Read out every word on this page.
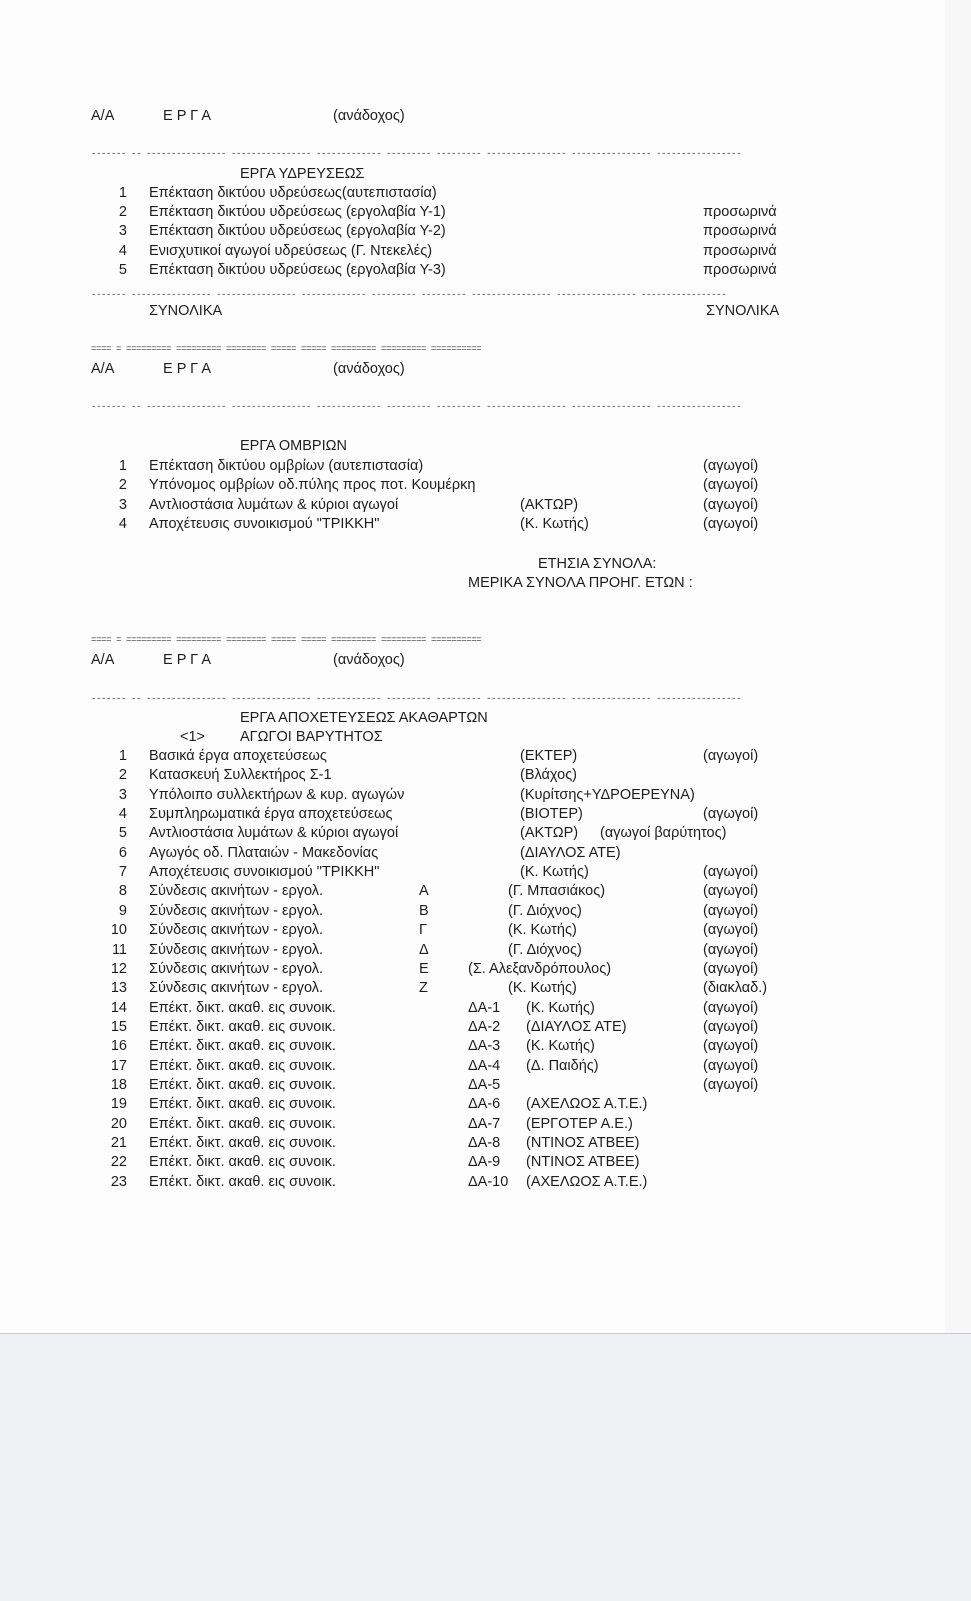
Α/Α	Ε Ρ Γ Α	(ανάδοχος)
------- -- ---------------- ---------------- ------------- --------- --------- ---------------- ---------------- -----------------
ΕΡΓΑ ΥΔΡΕΥΣΕΩΣ
1 Επέκταση δικτύου υδρεύσεως(αυτεπιστασία)
2 Επέκταση δικτύου υδρεύσεως (εργολαβία Υ-1)	προσωρινά
3 Επέκταση δικτύου υδρεύσεως (εργολαβία Υ-2)	προσωρινά
4 Ενισχυτικοί αγωγοί υδρεύσεως (Γ. Ντεκελές)	προσωρινά
5 Επέκταση δικτύου υδρεύσεως (εργολαβία Υ-3)	προσωρινά
------- ---------------- ---------------- ------------- --------- --------- ---------------- ---------------- -----------------
ΣΥΝΟΛΙΚΑ	ΣΥΝΟΛΙΚΑ
==== = ========= ========= ======== ===== ===== ========= ========= ==========
Α/Α	Ε Ρ Γ Α	(ανάδοχος)
------- -- ---------------- ---------------- ------------- --------- --------- ---------------- ---------------- -----------------
ΕΡΓΑ ΟΜΒΡΙΩΝ
1 Επέκταση δικτύου ομβρίων (αυτεπιστασία)	(αγωγοί)
2 Υπόνομος ομβρίων οδ.πύλης προς ποτ. Κουμέρκη	(αγωγοί)
3 Αντλιοστάσια λυμάτων & κύριοι αγωγοί	(ΑΚΤΩΡ)	(αγωγοί)
4 Αποχέτευσις συνοικισμού "ΤΡΙΚΚΗ"	(Κ. Κωτής)	(αγωγοί)
ΕΤΗΣΙΑ ΣΥΝΟΛΑ:
ΜΕΡΙΚΑ ΣΥΝΟΛΑ ΠΡΟΗΓ. ΕΤΩΝ :
==== = ========= ========= ======== ===== ===== ========= ========= ==========
Α/Α	Ε Ρ Γ Α	(ανάδοχος)
------- -- ---------------- ---------------- ------------- --------- --------- ---------------- ---------------- -----------------
ΕΡΓΑ ΑΠΟΧΕΤΕΥΣΕΩΣ ΑΚΑΘΑΡΤΩΝ
<1> ΑΓΩΓΟΙ ΒΑΡΥΤΗΤΟΣ
1 Βασικά έργα αποχετεύσεως	(ΕΚΤΕΡ)	(αγωγοί)
2 Κατασκευή Συλλεκτήρος Σ-1	(Βλάχος)
3 Υπόλοιπο συλλεκτήρων & κυρ. αγωγών	(Κυρίτσης+ΥΔΡΟΕΡΕΥΝΑ)
4 Συμπληρωματικά έργα αποχετεύσεως	(ΒΙΟΤΕΡ)	(αγωγοί)
5 Αντλιοστάσια λυμάτων & κύριοι αγωγοί	(ΑΚΤΩΡ) (αγωγοί βαρύτητος)
6 Αγωγός οδ. Πλαταιών - Μακεδονίας	(ΔΙΑΥΛΟΣ ΑΤΕ)
7 Αποχέτευσις συνοικισμού "ΤΡΙΚΚΗ"	(Κ. Κωτής)	(αγωγοί)
8 Σύνδεσις ακινήτων - εργολ.	Α	(Γ. Μπασιάκος)	(αγωγοί)
9 Σύνδεσις ακινήτων - εργολ.	Β	(Γ. Διόχνος)	(αγωγοί)
10 Σύνδεσις ακινήτων - εργολ.	Γ	(Κ. Κωτής)	(αγωγοί)
11 Σύνδεσις ακινήτων - εργολ.	Δ	(Γ. Διόχνος)	(αγωγοί)
12 Σύνδεσις ακινήτων - εργολ.	Ε	(Σ. Αλεξανδρόπουλος)	(αγωγοί)
13 Σύνδεσις ακινήτων - εργολ.	Ζ	(Κ. Κωτής)	(διακλαδ.)
14 Επέκτ. δικτ. ακαθ. εις συνοικ.	ΔΑ-1 (Κ. Κωτής)	(αγωγοί)
15 Επέκτ. δικτ. ακαθ. εις συνοικ.	ΔΑ-2 (ΔΙΑΥΛΟΣ ΑΤΕ)	(αγωγοί)
16 Επέκτ. δικτ. ακαθ. εις συνοικ.	ΔΑ-3 (Κ. Κωτής)	(αγωγοί)
17 Επέκτ. δικτ. ακαθ. εις συνοικ.	ΔΑ-4 (Δ. Παιδής)	(αγωγοί)
18 Επέκτ. δικτ. ακαθ. εις συνοικ.	ΔΑ-5	(αγωγοί)
19 Επέκτ. δικτ. ακαθ. εις συνοικ.	ΔΑ-6 (ΑΧΕΛΩΟΣ Α.Τ.Ε.)
20 Επέκτ. δικτ. ακαθ. εις συνοικ.	ΔΑ-7 (ΕΡΓΟΤΕΡ Α.Ε.)
21 Επέκτ. δικτ. ακαθ. εις συνοικ.	ΔΑ-8 (ΝΤΙΝΟΣ ΑΤΒΕΕ)
22 Επέκτ. δικτ. ακαθ. εις συνοικ.	ΔΑ-9 (ΝΤΙΝΟΣ ΑΤΒΕΕ)
23 Επέκτ. δικτ. ακαθ. εις συνοικ.	ΔΑ-10 (ΑΧΕΛΩΟΣ Α.Τ.Ε.)
